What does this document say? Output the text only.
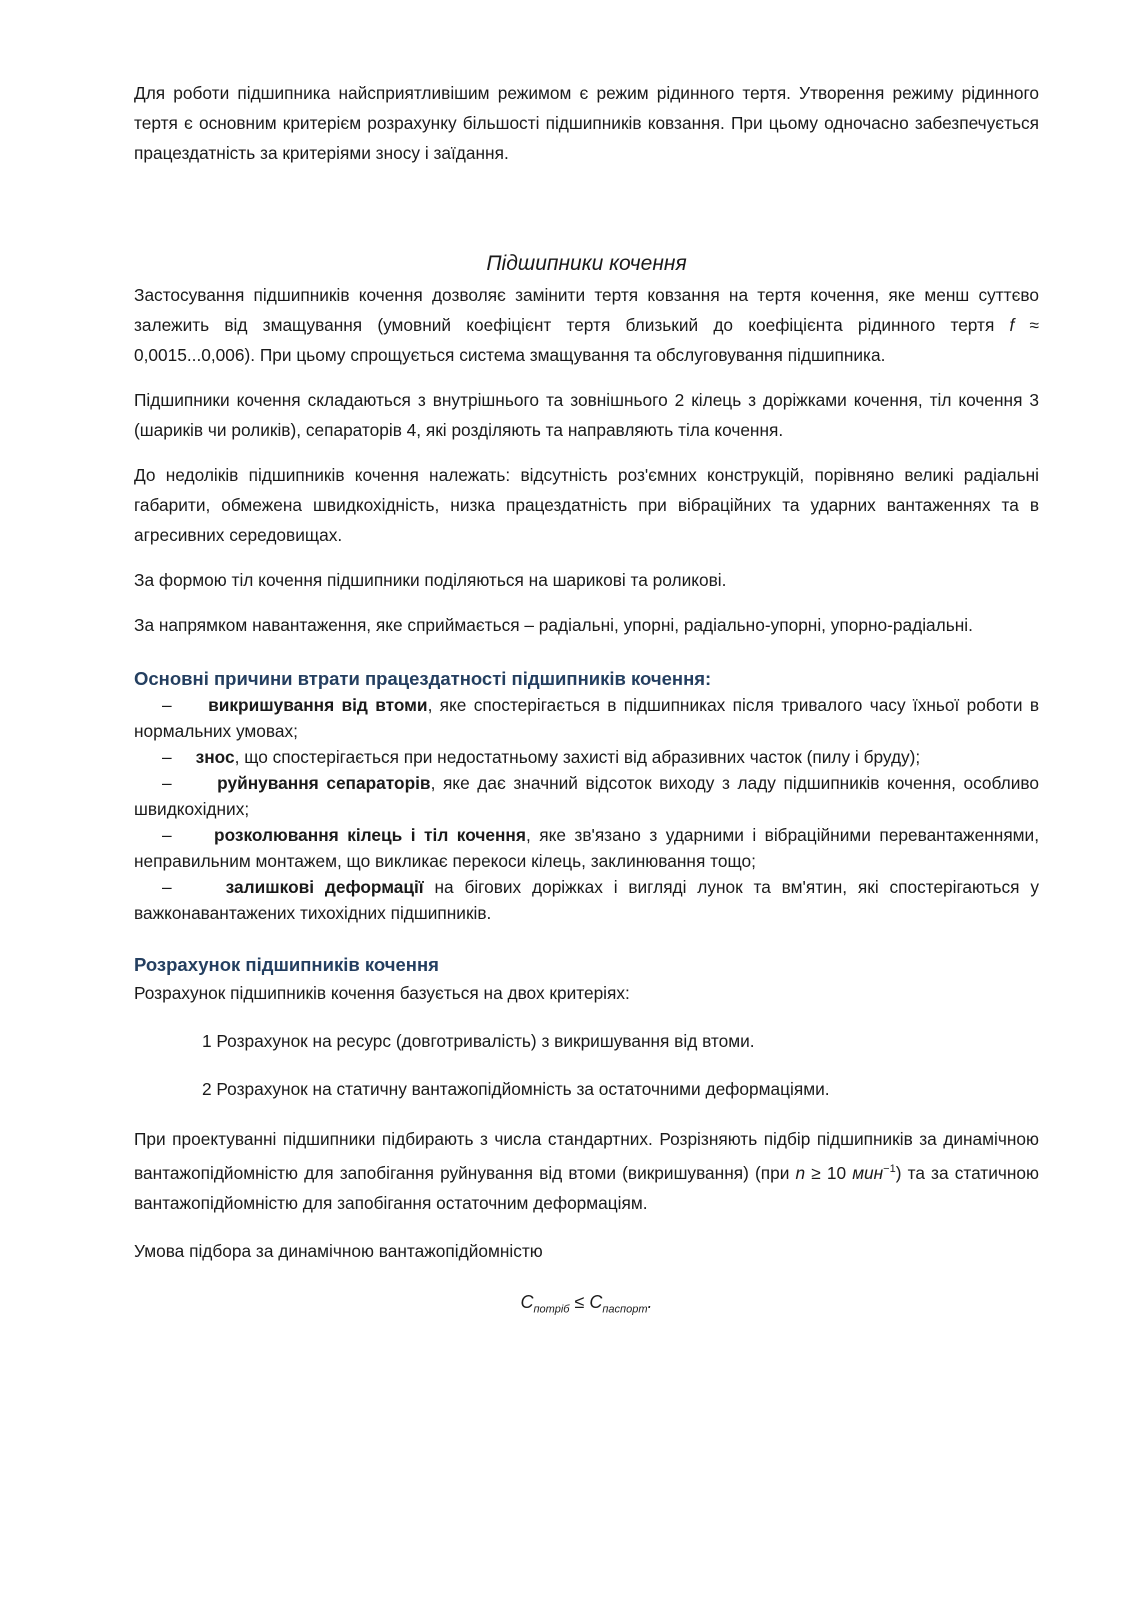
Для роботи підшипника найсприятливішим режимом є режим рідинного тертя. Утворення режиму рідинного тертя є основним критерієм розрахунку більшості підшипників ковзання. При цьому одночасно забезпечується працездатність за критеріями зносу і заїдання.

Підшипники кочення

Застосування підшипників кочення дозволяє замінити тертя ковзання на тертя кочення, яке менш суттєво залежить від змащування (умовний коефіцієнт тертя близький до коефіцієнта рідинного тертя f ≈ 0,0015...0,006). При цьому спрощується система змащування та обслуговування підшипника.

Підшипники кочення складаються з внутрішнього та зовнішнього 2 кілець з доріжками кочення, тіл кочення 3 (шариків чи роликів), сепараторів 4, які розділяють та направляють тіла кочення.

До недоліків підшипників кочення належать: відсутність роз'ємних конструкцій, порівняно великі радіальні габарити, обмежена швидкохідність, низка працездатність при вібраційних та ударних вантаженнях та в агресивних середовищах.

За формою тіл кочення підшипники поділяються на шарикові та роликові.

За напрямком навантаження, яке сприймається – радіальні, упорні, радіально-упорні, упорно-радіальні.

Основні причини втрати працездатності підшипників кочення:

– викришування від втоми, яке спостерігається в підшипниках після тривалого часу їхньої роботи в нормальних умовах;

– знос, що спостерігається при недостатньому захисті від абразивних часток (пилу і бруду);

–	руйнування сепараторів, яке дає значний відсоток виходу з ладу підшипників кочення, особливо швидкохідних;

– розколювання кілець і тіл кочення, яке зв'язано з ударними і вібраційними перевантаженнями, неправильним монтажем, що викликає перекоси кілець, заклинювання тощо;

–	залишкові деформації на бігових доріжках і вигляді лунок та вм'ятин, які спостерігаються у важконавантажених тихохідних підшипників.

Розрахунок підшипників кочення

Розрахунок підшипників кочення базується на двох критеріях:

1 Розрахунок на ресурс (довготривалість) з викришування від втоми.

2 Розрахунок на статичну вантажопідйомність за остаточними деформаціями.

При проектуванні підшипники підбирають з числа стандартних. Розрізняють підбір підшипників за динамічною вантажопідйомністю для запобігання руйнування від втоми (викришування) (при n ≥ 10 мин$^{-1}$) та за статичною вантажопідйомністю для запобігання остаточним деформаціям.

Умова підбора за динамічною вантажопідйомністю

$C_{потріб} \le C_{паспорт}$.
